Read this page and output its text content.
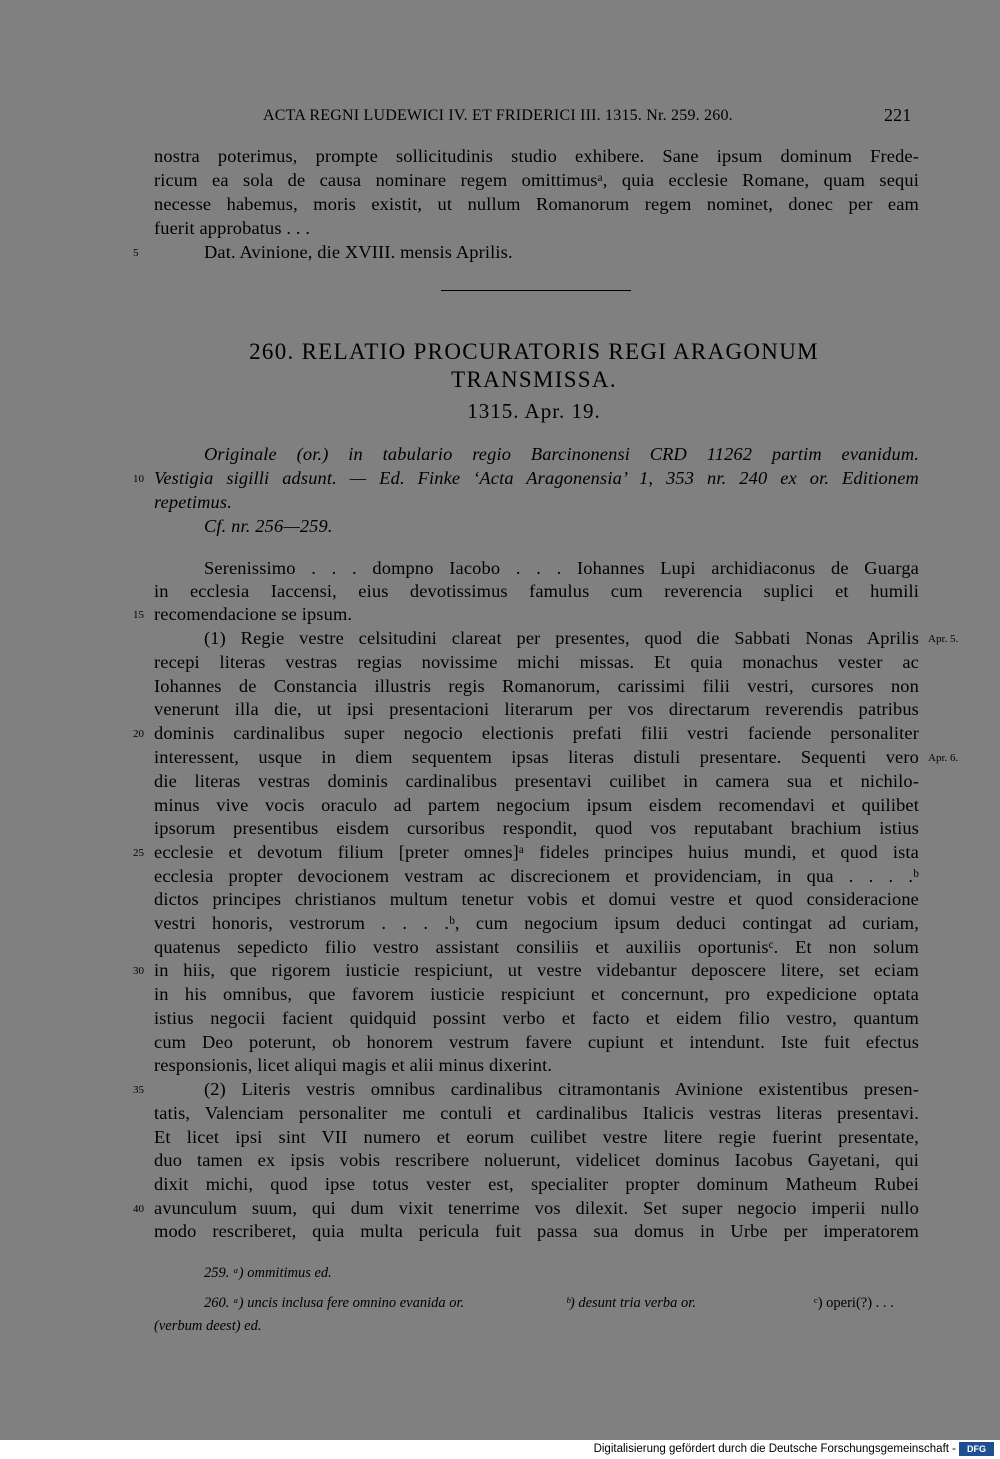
ACTA REGNI LUDEWICI IV. ET FRIDERICI III. 1315. Nr. 259. 260.	221
nostra poterimus, prompte sollicitudinis studio exhibere. Sane ipsum dominum Frede-
ricum ea sola de causa nominare regem omittimusᵃ, quia ecclesie Romane, quam sequi
necesse habemus, moris existit, ut nullum Romanorum regem nominet, donec per eam
fuerit approbatus . . .
Dat. Avinione, die XVIII. mensis Aprilis.
5
260. RELATIO PROCURATORIS REGI ARAGONUM
TRANSMISSA.
1315. Apr. 19.
Originale (or.) in tabulario regio Barcinonensi CRD 11262 partim evanidum.
Vestigia sigilli adsunt. — Ed. Finke ‘Acta Aragonensia’ 1, 353 nr. 240 ex or. Editionem
10
repetimus.
Cf. nr. 256—259.
Serenissimo . . . dompno Iacobo . . . Iohannes Lupi archidiaconus de Guarga
in ecclesia Iaccensi, eius devotissimus famulus cum reverencia suplici et humili
recomendacione se ipsum.
15
(1) Regie vestre celsitudini clareat per presentes, quod die Sabbati Nonas Aprilis Apr. 5.
recepi literas vestras regias novissime michi missas. Et quia monachus vester ac
Iohannes de Constancia illustris regis Romanorum, carissimi filii vestri, cursores non
venerunt illa die, ut ipsi presentacioni literarum per vos directarum reverendis patribus
dominis cardinalibus super negocio electionis prefati filii vestri faciende personaliter
20
interessent, usque in diem sequentem ipsas literas distuli presentare. Sequenti vero Apr. 6.
die literas vestras dominis cardinalibus presentavi cuilibet in camera sua et nichilo-
minus vive vocis oraculo ad partem negocium ipsum eisdem recomendavi et quilibet
ipsorum presentibus eisdem cursoribus respondit, quod vos reputabant brachium istius
ecclesie et devotum filium [preter omnes]ᵃ fideles principes huius mundi, et quod ista
25
ecclesia propter devocionem vestram ac discrecionem et providenciam, in qua . . . .ᵇ
dictos principes christianos multum tenetur vobis et domui vestre et quod consideracione
vestri honoris, vestrorum . . . .ᵇ, cum negocium ipsum deduci contingat ad curiam,
quatenus sepedicto filio vestro assistant consiliis et auxiliis oportunisᶜ. Et non solum
in hiis, que rigorem iusticie respiciunt, ut vestre videbantur deposcere litere, set eciam
30
in his omnibus, que favorem iusticie respiciunt et concernunt, pro expedicione optata
istius negocii facient quidquid possint verbo et facto et eidem filio vestro, quantum
cum Deo poterunt, ob honorem vestrum favere cupiunt et intendunt. Iste fuit efectus
responsionis, licet aliqui magis et alii minus dixerint.
(2) Literis vestris omnibus cardinalibus citramontanis Avinione existentibus presen-
35
tatis, Valenciam personaliter me contuli et cardinalibus Italicis vestras literas presentavi.
Et licet ipsi sint VII numero et eorum cuilibet vestre litere regie fuerint presentate,
duo tamen ex ipsis vobis rescribere noluerunt, videlicet dominus Iacobus Gayetani, qui
dixit michi, quod ipse totus vester est, specialiter propter dominum Matheum Rubei
avunculum suum, qui dum vixit tenerrime vos dilexit. Set super negocio imperii nullo
40
modo rescriberet, quia multa pericula fuit passa sua domus in Urbe per imperatorem
259. ᵃ) ommitimus ed.
260. ᵃ) uncis inclusa fere omnino evanida or.	ᵇ) desunt tria verba or.	ᶜ) operi(?) . . .
(verbum deest) ed.
Digitalisierung gefördert durch die Deutsche Forschungsgemeinschaft -	DFG
